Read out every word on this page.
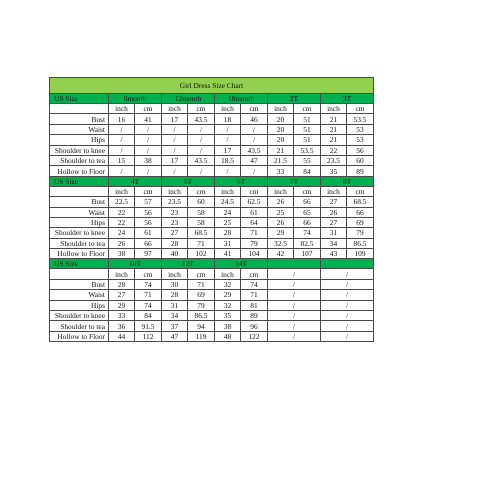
Girl Dress Size Chart										
US Size	6month		12month		18month		2T		3T	
	inch	cm	inch	cm	inch	cm	inch	cm	inch	cm
Bust	16	41	17	43.5	18	46	20	51	21	53.5
Waist	/	/	/	/	/	/	20	51	21	53
Hips	/	/	/	/	/	/	20	51	21	53
Shoulder to knee	/	/	/	/	17	43.5	21	53.5	22	56
Shoulder to tea	15	38	17	43.5	18.5	47	21.5	55	23.5	60
Hollow to Floor	/	/	/	/	/	/	33	84	35	89
US Size	4T		5T		6T		7T		8T	
	inch	cm	inch	cm	inch	cm	inch	cm	inch	cm
Bust	22.5	57	23.5	60	24.5	62.5	26	66	27	68.5
Waist	22	56	23	58	24	61	25	65	26	66
Hips	22	56	23	58	25	64	26	66	27	69
Shoulder to knee	24	61	27	68.5	28	71	29	74	31	79
Shoulder to tea	26	66	28	71	31	79	32.5	82.5	34	86.5
Hollow to Floor	38	97	40	102	41	104	42	107	43	109
US Size	10T		12T		14T					
	inch	cm	inch	cm	inch	cm	/		/	
Bust	28	74	30	71	32	74	/		/	
Waist	27	71	28	69	29	71	/		/	
Hips	29	74	31	79	32	81	/		/	
Shoulder to knee	33	84	34	86.5	35	89	/		/	
Shoulder to tea	36	91.5	37	94	38	96	/		/	
Hollow to Floor	44	112	47	119	48	122	/		/	
